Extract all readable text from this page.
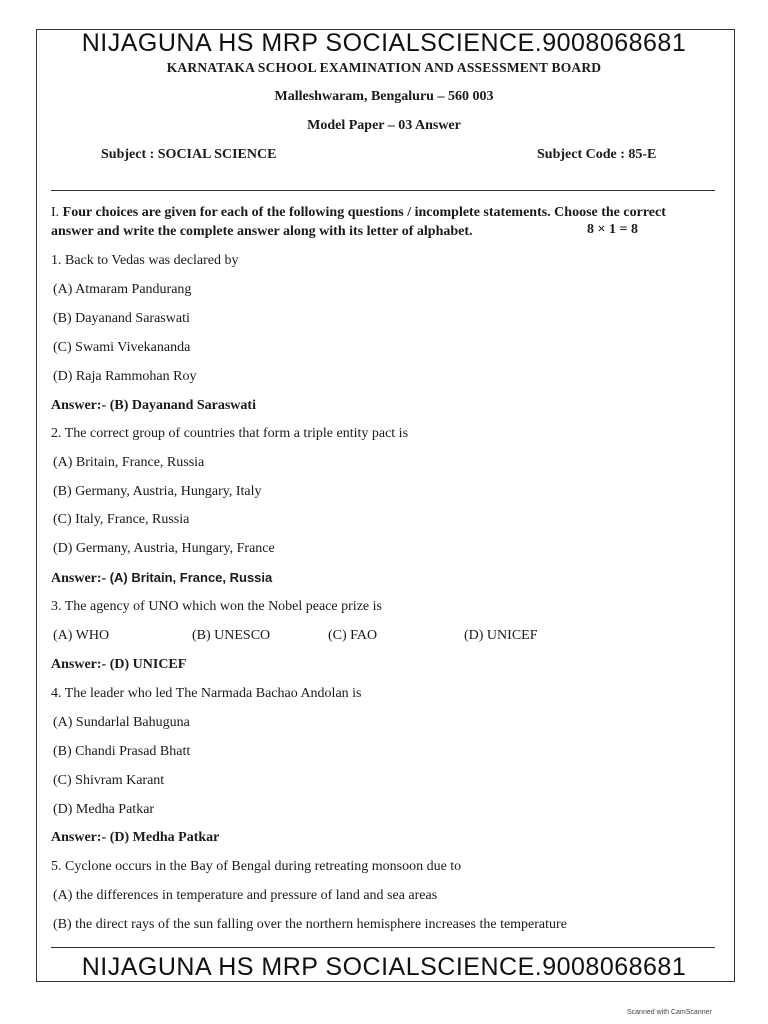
NIJAGUNA HS MRP SOCIALSCIENCE.9008068681
KARNATAKA SCHOOL EXAMINATION AND ASSESSMENT BOARD
Malleshwaram, Bengaluru – 560 003
Model Paper – 03 Answer
Subject : SOCIAL SCIENCE	Subject Code : 85-E
I. Four choices are given for each of the following questions / incomplete statements. Choose the correct answer and write the complete answer along with its letter of alphabet.	8 × 1 = 8
1. Back to Vedas was declared by
(A) Atmaram Pandurang
(B) Dayanand Saraswati
(C) Swami Vivekananda
(D) Raja Rammohan Roy
Answer:- (B) Dayanand Saraswati
2. The correct group of countries that form a triple entity pact is
(A) Britain, France, Russia
(B) Germany, Austria, Hungary, Italy
(C) Italy, France, Russia
(D) Germany, Austria, Hungary, France
Answer:- (A) Britain, France, Russia
3. The agency of UNO which won the Nobel peace prize is
(A) WHO	(B) UNESCO	(C) FAO	(D) UNICEF
Answer:- (D) UNICEF
4. The leader who led The Narmada Bachao Andolan is
(A) Sundarlal Bahuguna
(B) Chandi Prasad Bhatt
(C) Shivram Karant
(D) Medha Patkar
Answer:- (D) Medha Patkar
5. Cyclone occurs in the Bay of Bengal during retreating monsoon due to
(A) the differences in temperature and pressure of land and sea areas
(B) the direct rays of the sun falling over the northern hemisphere increases the temperature
NIJAGUNA HS MRP SOCIALSCIENCE.9008068681
Scanned with CamScanner
